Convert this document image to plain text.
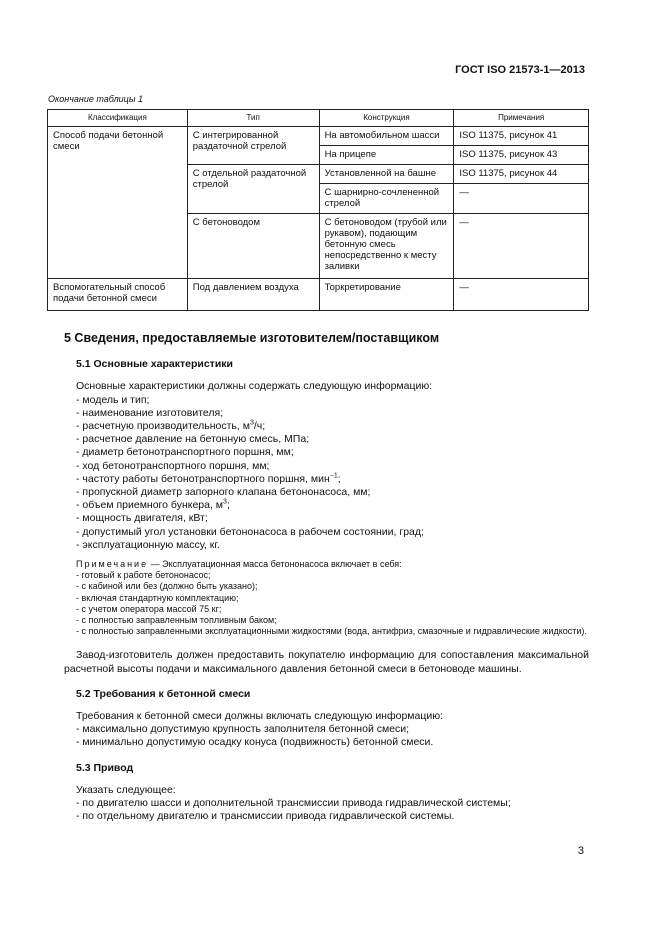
ГОСТ ISO 21573-1—2013
Окончание таблицы 1
Классификация	Тип	Конструкция	Примечания
Способ подачи бетонной смеси	С интегрированной раздаточной стрелой	На автомобильном шасси	ISO 11375, рисунок 41
		На прицепе	ISO 11375, рисунок 43
	С отдельной раздаточной стрелой	Установленной на башне	ISO 11375, рисунок 44
		С шарнирно-сочлененной стрелой	—
	С бетоноводом	С бетоноводом (трубой или рукавом), подающим бетонную смесь непосредственно к месту заливки	—
Вспомогательный способ подачи бетонной смеси	Под давлением воздуха	Торкретирование	—
5 Сведения, предоставляемые изготовителем/поставщиком
5.1 Основные характеристики

Основные характеристики должны содержать следующую информацию:

- модель и тип;
- наименование изготовителя;
- расчетную производительность, $м^3/ч$;
- расчетное давление на бетонную смесь, МПа;
- диаметр бетонотранспортного поршня, мм;
- ход бетонотранспортного поршня, мм;
- частоту работы бетонотранспортного поршня, мин$^{-1}$;
- пропускной диаметр запорного клапана бетононасоса, мм;
- объем приемного бункера, $м^3$;
- мощность двигателя, кВт;
- допустимый угол установки бетононасоса в рабочем состоянии, град;
- эксплуатационную массу, кг.

Примечание — Эксплуатационная масса бетононасоса включает в себя:

- готовый к работе бетононасос;
- с кабиной или без (должно быть указано);
- включая стандартную комплектацию;
- с учетом оператора массой 75 кг;
- с полностью заправленным топливным баком;
- с полностью заправленными эксплуатационными жидкостями (вода, антифриз, смазочные и гидравлические жидкости).

Завод-изготовитель должен предоставить покупателю информацию для сопоставления максимальной расчетной высоты подачи и максимального давления бетонной смеси в бетоноводе машины.

5.2 Требования к бетонной смеси

Требования к бетонной смеси должны включать следующую информацию:

- максимально допустимую крупность заполнителя бетонной смеси;
- минимально допустимую осадку конуса (подвижность) бетонной смеси.
5.3 Привод

Указать следующее:

- по двигателю шасси и дополнительной трансмиссии привода гидравлической системы;
- по отдельному двигателю и трансмиссии привода гидравлической системы.
3
